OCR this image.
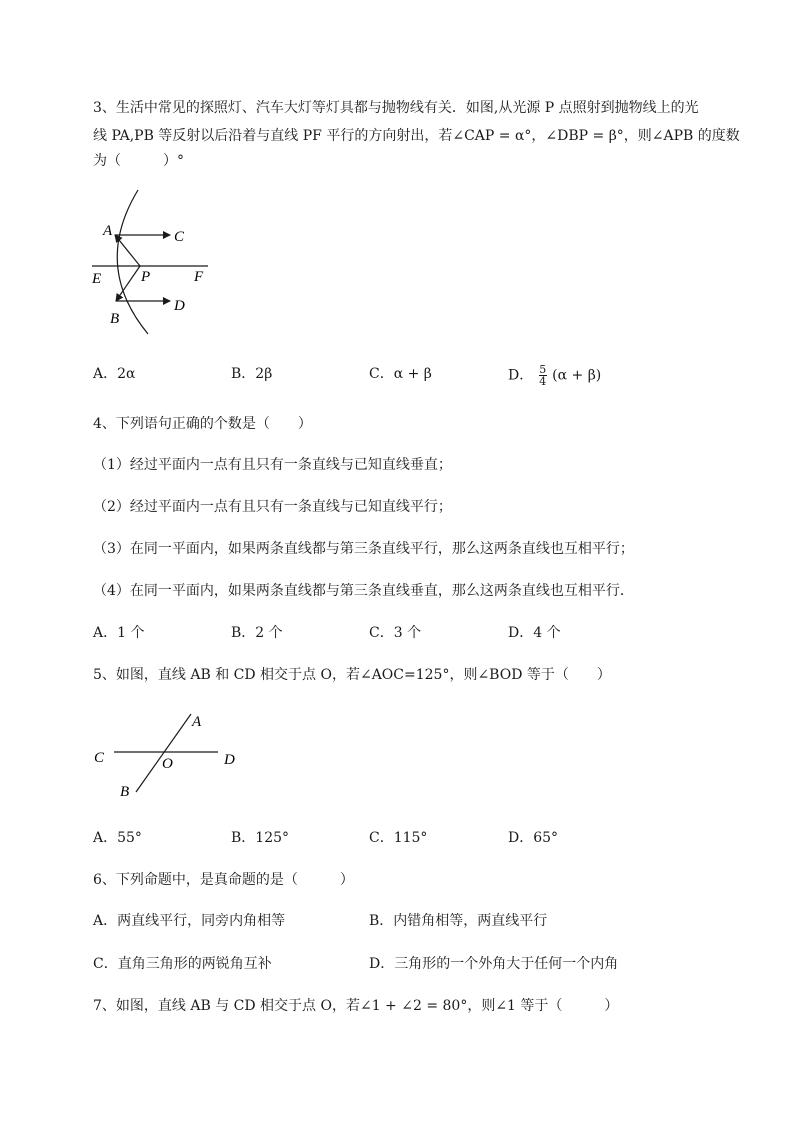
3、生活中常见的探照灯、汽车大灯等灯具都与抛物线有关．如图,从光源 P 点照射到抛物线上的光
线 PA,PB 等反射以后沿着与直线 PF 平行的方向射出，若∠CAP = α°，∠DBP = β°，则∠APB 的度数
为（　　　）°
A	C
E	P	F
B
D
A．2α	B．2β	C．α + β	D． $\frac{5}{4} (\alpha + \beta)$
4、下列语句正确的个数是（　　）
（1）经过平面内一点有且只有一条直线与已知直线垂直；
（2）经过平面内一点有且只有一条直线与已知直线平行；
（3）在同一平面内，如果两条直线都与第三条直线平行，那么这两条直线也互相平行；
（4）在同一平面内，如果两条直线都与第三条直线垂直，那么这两条直线也互相平行．
A．1 个	B．2 个	C．3 个	D．4 个
5、如图，直线 AB 和 CD 相交于点 O，若∠AOC=125°，则∠BOD 等于（　　）
A
C	O	D
B
A．55°	B．125°	C．115°	D．65°
6、下列命题中，是真命题的是（　　　）
A．两直线平行，同旁内角相等	B．内错角相等，两直线平行
C．直角三角形的两锐角互补	D．三角形的一个外角大于任何一个内角
7、如图，直线 AB 与 CD 相交于点 O，若∠1 + ∠2 = 80°，则∠1 等于（　　　）
